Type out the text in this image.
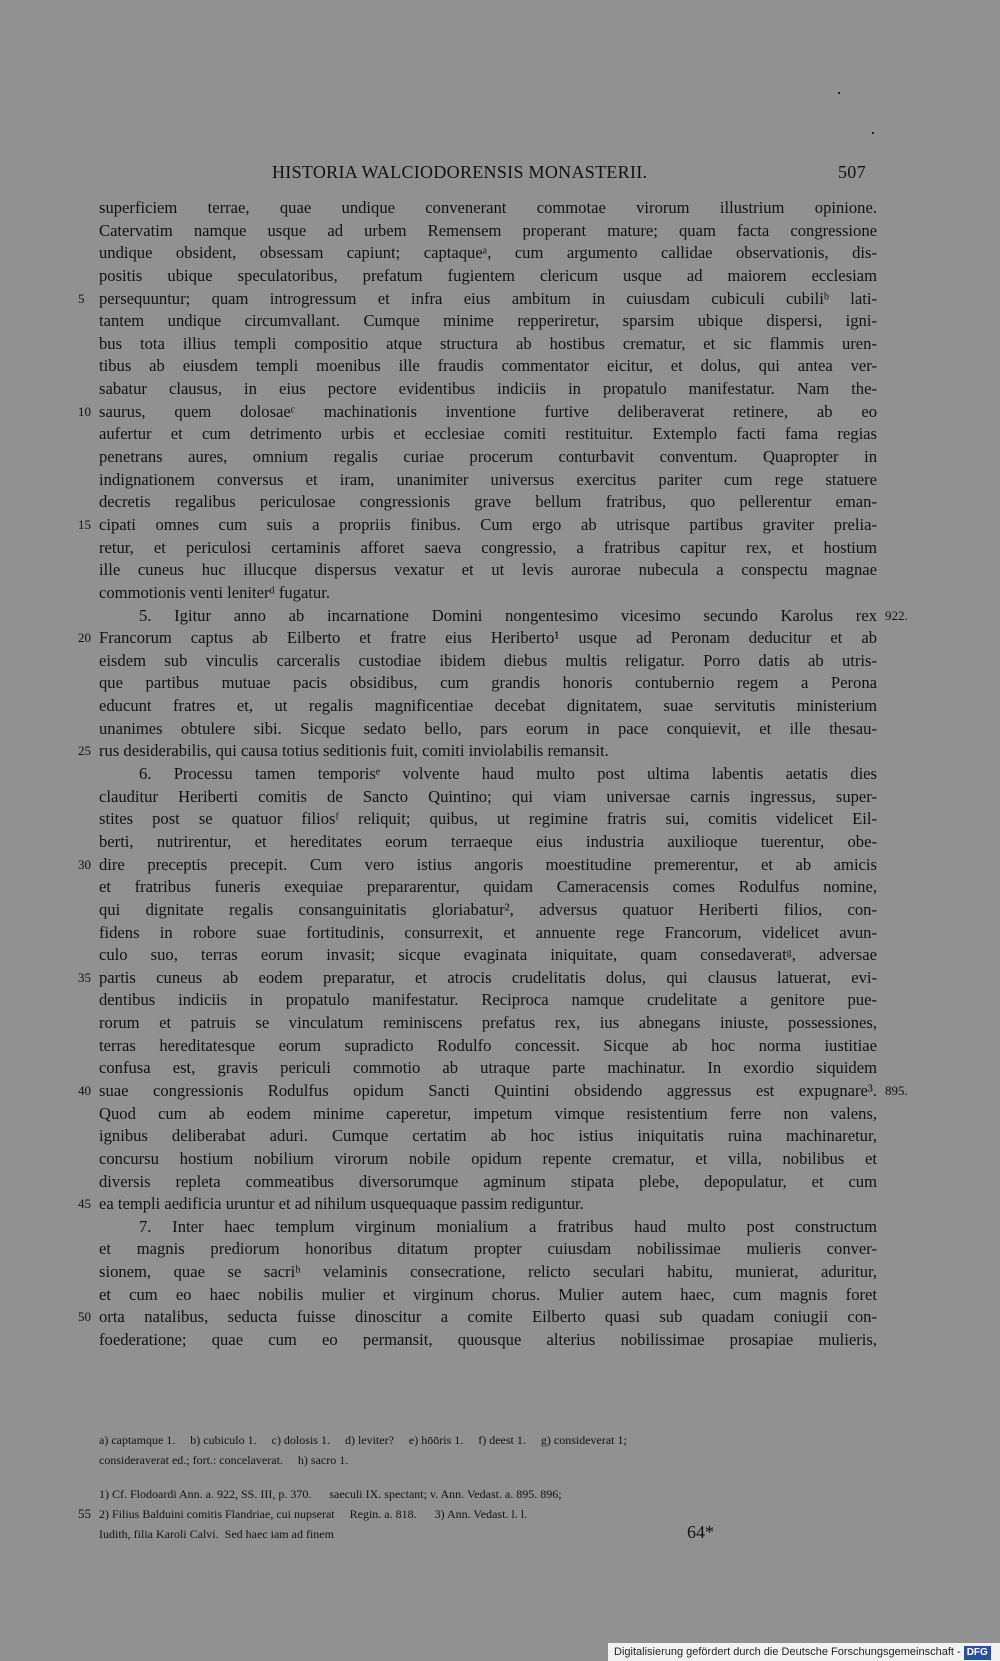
HISTORIA WALCIODORENSIS MONASTERII.	507
superficiem terrae, quae undique convenerant commotae virorum illustrium opinione.
Catervatim namque usque ad urbem Remensem properant mature; quam facta congressione
undique obsident, obsessam capiunt; captaqueᵃ, cum argumento callidae observationis, dis-
positis ubique speculatoribus, prefatum fugientem clericum usque ad maiorem ecclesiam
persequuntur; quam introgressum et infra eius ambitum in cuiusdam cubiculi cubiliᵇ lati-
5
tantem undique circumvallant. Cumque minime repperiretur, sparsim ubique dispersi, igni-
bus tota illius templi compositio atque structura ab hostibus crematur, et sic flammis uren-
tibus ab eiusdem templi moenibus ille fraudis commentator eicitur, et dolus, qui antea ver-
sabatur clausus, in eius pectore evidentibus indiciis in propatulo manifestatur. Nam the-
saurus, quem dolosaeᶜ machinationis inventione furtive deliberaverat retinere, ab eo
10
aufertur et cum detrimento urbis et ecclesiae comiti restituitur. Extemplo facti fama regias
penetrans aures, omnium regalis curiae procerum conturbavit conventum. Quapropter in
indignationem conversus et iram, unanimiter universus exercitus pariter cum rege statuere
decretis regalibus periculosae congressionis grave bellum fratribus, quo pellerentur eman-
cipati omnes cum suis a propriis finibus. Cum ergo ab utrisque partibus graviter prelia-
15
retur, et periculosi certaminis afforet saeva congressio, a fratribus capitur rex, et hostium
ille cuneus huc illucque dispersus vexatur et ut levis aurorae nubecula a conspectu magnae
commotionis venti leniterᵈ fugatur.
5. Igitur anno ab incarnatione Domini nongentesimo vicesimo secundo Karolus rex 922.
Francorum captus ab Eilberto et fratre eius Heriberto¹ usque ad Peronam deducitur et ab
20
eisdem sub vinculis carceralis custodiae ibidem diebus multis religatur. Porro datis ab utris-
que partibus mutuae pacis obsidibus, cum grandis honoris contubernio regem a Perona
educunt fratres et, ut regalis magnificentiae decebat dignitatem, suae servitutis ministerium
unanimes obtulere sibi. Sicque sedato bello, pars eorum in pace conquievit, et ille thesau-
rus desiderabilis, qui causa totius seditionis fuit, comiti inviolabilis remansit.
25
6. Processu tamen temporisᵉ volvente haud multo post ultima labentis aetatis dies
clauditur Heriberti comitis de Sancto Quintino; qui viam universae carnis ingressus, super-
stites post se quatuor filiosᶠ reliquit; quibus, ut regimine fratris sui, comitis videlicet Eil-
berti, nutrirentur, et hereditates eorum terraeque eius industria auxilioque tuerentur, obe-
dire preceptis precepit. Cum vero istius angoris moestitudine premerentur, et ab amicis
30
et fratribus funeris exequiae prepararentur, quidam Cameracensis comes Rodulfus nomine,
qui dignitate regalis consanguinitatis gloriabatur², adversus quatuor Heriberti filios, con-
fidens in robore suae fortitudinis, consurrexit, et annuente rege Francorum, videlicet avun-
culo suo, terras eorum invasit; sicque evaginata iniquitate, quam consedaveratᵍ, adversae
partis cuneus ab eodem preparatur, et atrocis crudelitatis dolus, qui clausus latuerat, evi-
35
dentibus indiciis in propatulo manifestatur. Reciproca namque crudelitate a genitore pue-
rorum et patruis se vinculatum reminiscens prefatus rex, ius abnegans iniuste, possessiones,
terras hereditatesque eorum supradicto Rodulfo concessit. Sicque ab hoc norma iustitiae
confusa est, gravis periculi commotio ab utraque parte machinatur. In exordio siquidem
suae congressionis Rodulfus opidum Sancti Quintini obsidendo aggressus est expugnare³.
40	895.
Quod cum ab eodem minime caperetur, impetum vimque resistentium ferre non valens,
ignibus deliberabat aduri. Cumque certatim ab hoc istius iniquitatis ruina machinaretur,
concursu hostium nobilium virorum nobile opidum repente crematur, et villa, nobilibus et
diversis repleta commeatibus diversorumque agminum stipata plebe, depopulatur, et cum
ea templi aedificia uruntur et ad nihilum usquequaque passim rediguntur.
45
7. Inter haec templum virginum monialium a fratribus haud multo post constructum
et magnis prediorum honoribus ditatum propter cuiusdam nobilissimae mulieris conver-
sionem, quae se sacriʰ velaminis consecratione, relicto seculari habitu, munierat, aduritur,
et cum eo haec nobilis mulier et virginum chorus. Mulier autem haec, cum magnis foret
orta natalibus, seducta fuisse dinoscitur a comite Eilberto quasi sub quadam coniugii con-
50
foederatione; quae cum eo permansit, quousque alterius nobilissimae prosapiae mulieris,
a) captamque 1.     b) cubiculo 1.     c) dolosis 1.     d) leviter?     e) hōōris 1.     f) deest 1.     g) consideverat 1;
consideraverat ed.; fort.: concelaverat.     h) sacro 1.
1) Cf. Flodoardi Ann. a. 922, SS. III, p. 370.      saeculi IX. spectant; v. Ann. Vedast. a. 895. 896;
2) Filius Balduini comitis Flandriae, cui nupserat     Regin. a. 818.      3) Ann. Vedast. l. l.
55
Iudith, filia Karoli Calvi.  Sed haec iam ad finem	64*
Digitalisierung gefördert durch die Deutsche Forschungsgemeinschaft - DFG
